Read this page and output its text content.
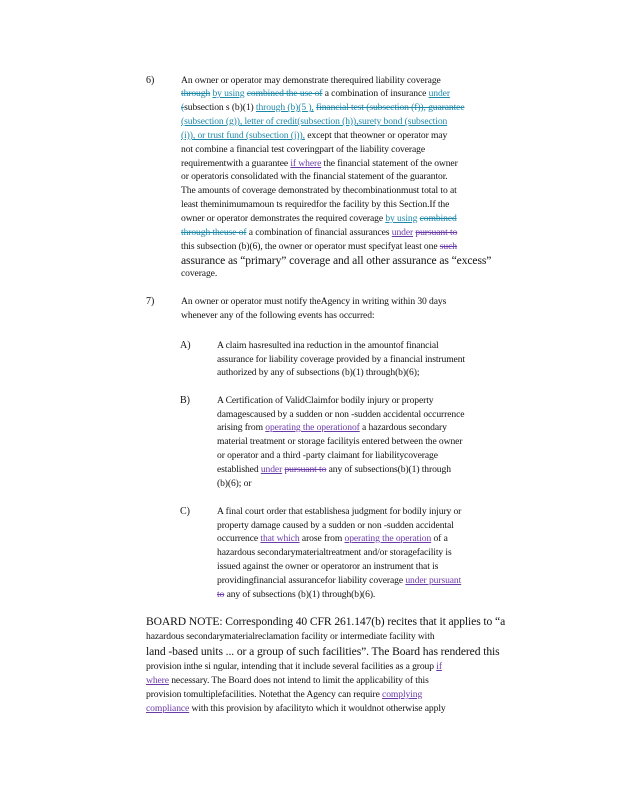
6)
7)
A)
B)
C)
An owner or operator may demonstrate therequired liability coverage
through by using combined the use of a combination of insurance under
(subsection s (b)(1) through (b)(5 ), financial test (subsection (f)), guarantee
(subsection (g)), letter of credit(subsection (h)),surety bond (subsection
(i)), or trust fund (subsection (j)), except that theowner or operator may
not combine a financial test coveringpart of the liability coverage
requirementwith a guarantee if where the financial statement of the owner
or operatoris consolidated with the financial statement of the guarantor.
The amounts of coverage demonstrated by thecombinationmust total to at
least theminimumamoun ts requiredfor the facility by this Section.If the
owner or operator demonstrates the required coverage by using combined
through theuse of a combination of financial assurances under pursuant to
this subsection (b)(6), the owner or operator must specifyat least one such
assurance as “primary” coverage and all other assurance as “excess”
coverage.
An owner or operator must notify theAgency in writing within 30 days
whenever any of the following events has occurred:
A claim hasresulted ina reduction in the amountof financial
assurance for liability coverage provided by a financial instrument
authorized by any of subsections (b)(1) through(b)(6);
A Certification of ValidClaimfor bodily injury or property
damagescaused by a sudden or non -sudden accidental occurrence
arising from operating the operationof a hazardous secondary
material treatment or storage facilityis entered between the owner
or operator and a third -party claimant for liabilitycoverage
established under pursuant to any of subsections(b)(1) through
(b)(6); or
A final court order that establishesa judgment for bodily injury or
property damage caused by a sudden or non -sudden accidental
occurrence that which arose from operating the operation of a
hazardous secondarymaterialtreatment and/or storagefacility is
issued against the owner or operatoror an instrument that is
providingfinancial assurancefor liability coverage under pursuant
to any of subsections (b)(1) through(b)(6).
BOARD NOTE: Corresponding 40 CFR 261.147(b) recites that it applies to “a
hazardous secondarymaterialreclamation facility or intermediate facility with
land -based units ... or a group of such facilities”. The Board has rendered this
provision inthe si ngular, intending that it include several facilities as a group if
where necessary. The Board does not intend to limit the applicability of this
provision tomultiplefacilities. Notethat the Agency can require complying
compliance with this provision by afacilityto which it wouldnot otherwise apply
